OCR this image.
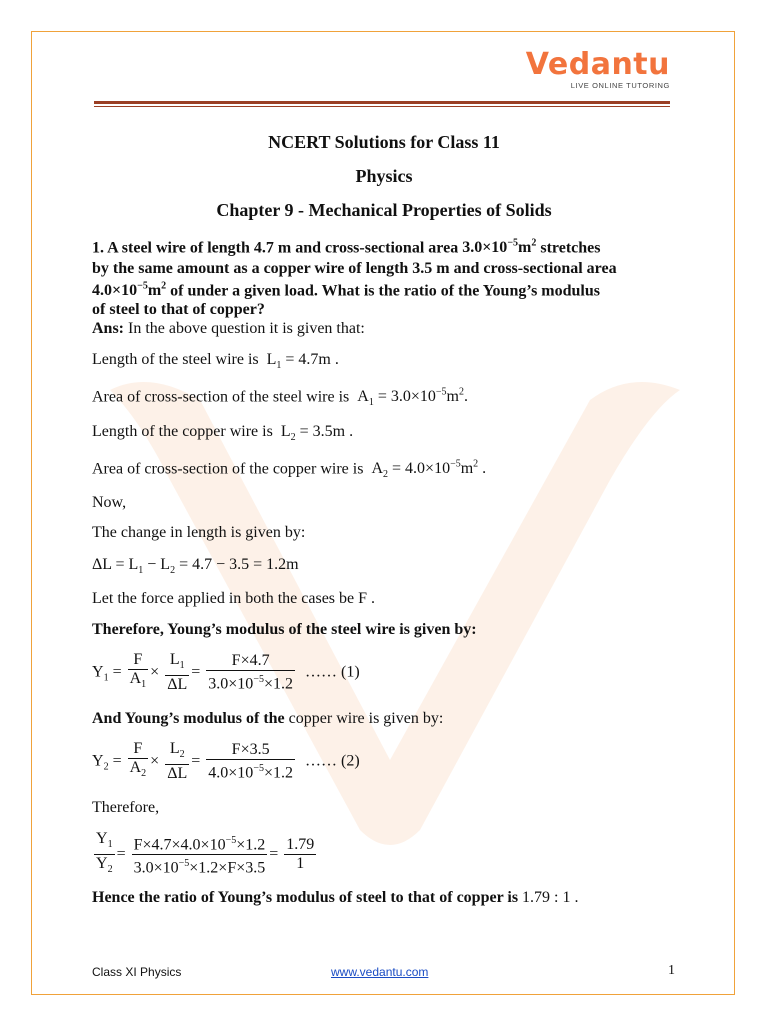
Vedantu
LIVE ONLINE TUTORING
NCERT Solutions for Class 11
Physics
Chapter 9 - Mechanical Properties of Solids
1. A steel wire of length 4.7 m and cross-sectional area $3.0\times 10^{-5}m^2$ stretches
by the same amount as a copper wire of length 3.5 m and cross-sectional area
$4.0\times 10^{-5}m^2$ of under a given load. What is the ratio of the Young’s modulus
of steel to that of copper?
Ans: In the above question it is given that:
Length of the steel wire is  $L_1 = 4.7m$ .
Area of cross-section of the steel wire is  $A_1 = 3.0\times 10^{-5}m^2$.
Length of the copper wire is  $L_2 = 3.5m$ .
Area of cross-section of the copper wire is  $A_2 = 4.0\times 10^{-5}m^2$ .
Now,
The change in length is given by:
$\Delta L = L_1 - L_2 = 4.7 - 3.5 = 1.2m$
Let the force applied in both the cases be F .
Therefore, Young’s modulus of the steel wire is given by:
$Y_1 = \frac{F}{A_1} \times \frac{L_1}{\Delta L} = \frac{F\times 4.7}{3.0\times 10^{-5}\times 1.2}$ …… (1)
And Young’s modulus of the copper wire is given by:
$Y_2 = \frac{F}{A_2} \times \frac{L_2}{\Delta L} = \frac{F\times 3.5}{4.0\times 10^{-5}\times 1.2}$ …… (2)
Therefore,
$\frac{Y_1}{Y_2} = \frac{F\times 4.7\times 4.0\times 10^{-5}\times 1.2}{3.0\times 10^{-5}\times 1.2\times F\times 3.5} = \frac{1.79}{1}$
Hence the ratio of Young’s modulus of steel to that of copper is 1.79 : 1 .
Class XI Physics	www.vedantu.com	1
